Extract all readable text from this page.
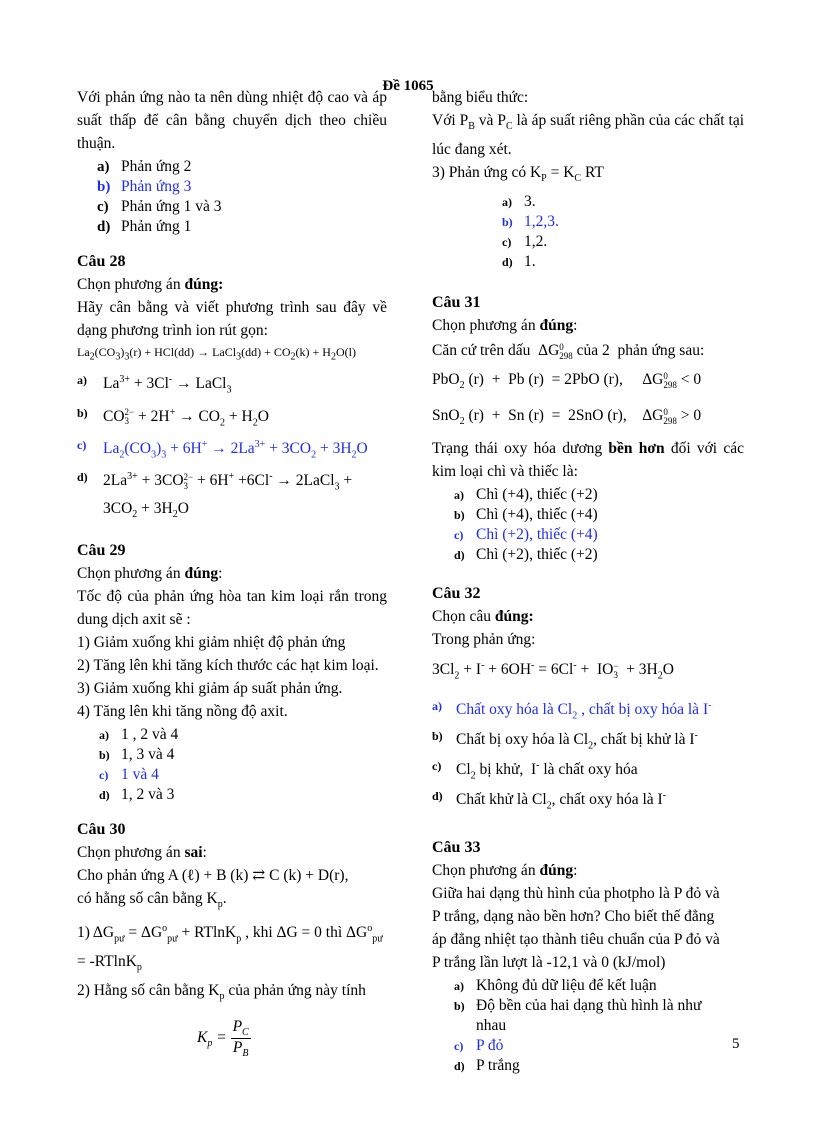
Đề 1065

Với phản ứng nào ta nên dùng nhiệt độ cao và áp suất thấp để cân bằng chuyển dịch theo chiều thuận.

a) Phản ứng 2
b) Phản ứng 3
c) Phản ứng 1 và 3
d) Phản ứng 1

Câu 28

Chọn phương án đúng:

Hãy cân bằng và viết phương trình sau đây về dạng phương trình ion rút gọn:

$La_2(CO_3)_3(r) + HCl(dd)$ → LaCl$_3$(dd) + $CO_2(k) + H_2O(l)$

a)	$La^{3+} + 3Cl^-$ → LaCl$_3$
b) CO 2−
$3 + 2H^+ \to CO_2 + H_2O$
c)	$La_2(CO_3)_3 + 6H^+ \to 2La^{3+} + 3CO_2 + 3H_2O$
d) $2La^{3+} + 3CO$ 2−
3 + 6H+ +6Cl- → 2LaCl$_3$ + $3CO_2 + 3H_2O$

Câu 29

Chọn phương án đúng:

Tốc độ của phản ứng hòa tan kim loại rắn trong dung dịch axit sẽ :

1) Giảm xuống khi giảm nhiệt độ phản ứng

2) Tăng lên khi tăng kích thước các hạt kim loại.

3) Giảm xuống khi giảm áp suất phản ứng.

4) Tăng lên khi tăng nồng độ axit.

a) 1 , 2 và 4
b) 1, 3 và 4
c) 1 và 4
d) 1, 2 và 3

Câu 30

Chọn phương án sai:

Cho phản ứng A (ℓ) + B (k) ⇄ C (k) + D(r),

có hằng số cân bằng $K_p$.

1) $\Delta G_{pư} = \Delta G^o_{pư} + RTlnK_p$ , khi ΔG = 0 thì $\Delta G^o_{pư} = -RTlnK_p$

2) Hằng số cân bằng $K_p$ của phản ứng này tính

$K_p = \frac{P_C}{P_B}$

bằng biểu thức:

Với $P_B$ và $P_C$ là áp suất riêng phần của các chất tại lúc đang xét.

3) Phản ứng có $K_P = K_C$ RT

a) 3.
b) 1,2,3.
c) 1,2.
d) 1.

Câu 31

Chọn phương án đúng:

Căn cứ trên dấu  ΔG 0
298 của 2  phản ứng sau:

PbO$_2$ (r)  +  Pb (r)  = 2PbO (r),     ΔG 0
298 < 0

SnO$_2$ (r)  +  Sn (r)  =  2SnO (r),    ΔG 0
298 > 0

Trạng thái oxy hóa dương bền hơn đối với các kim loại chì và thiếc là:

a) Chì (+4), thiếc (+2)
b) Chì (+4), thiếc (+4)
c) Chì (+2), thiếc (+4)
d) Chì (+2), thiếc (+2)

Câu 32

Chọn câu đúng:

Trong phản ứng:

$3Cl_2 + I^- + 6OH^- = 6Cl^-$ +  IO −
$3 + 3H_2O$

a) Chất oxy hóa là $Cl_2$ , chất bị oxy hóa là I-
b) Chất bị oxy hóa là $Cl_2$, chất bị khử là I-
c) $Cl_2$ bị khử,  I- là chất oxy hóa
d) Chất khử là $Cl_2$, chất oxy hóa là I-

Câu 33

Chọn phương án đúng:

Giữa hai dạng thù hình của photpho là P đỏ và P trắng, dạng nào bền hơn? Cho biết thế đẳng áp đẳng nhiệt tạo thành tiêu chuẩn của P đỏ và P trắng lần lượt là -12,1 và 0 (kJ/mol)

a) Không đủ dữ liệu để kết luận
b) Độ bền của hai dạng thù hình là như nhau
c) P đỏ
d) P trắng
5
